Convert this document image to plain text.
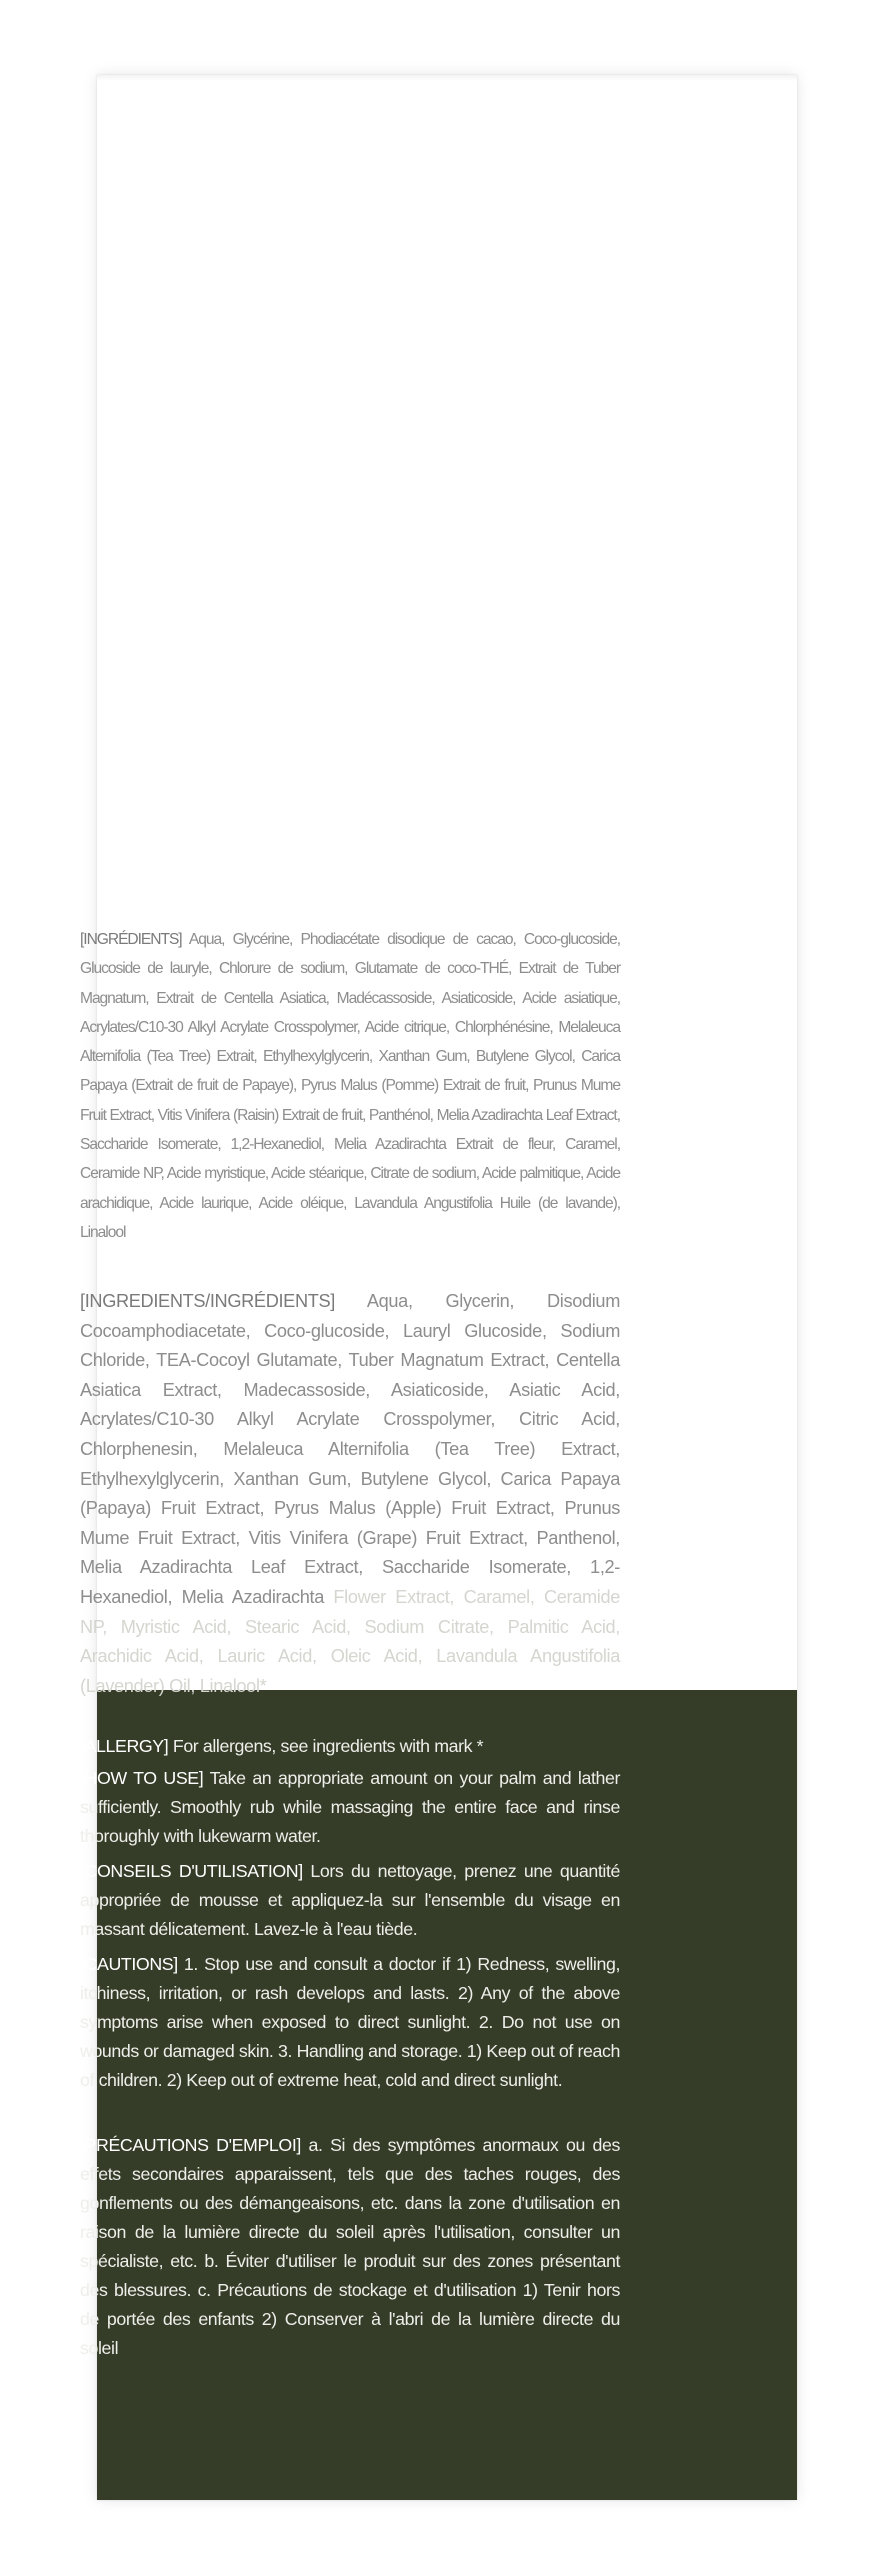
[INGRÉDIENTS] Aqua, Glycérine, Phodiacétate disodique de cacao, Coco-glucoside, Glucoside de lauryle, Chlorure de sodium, Glutamate de coco-THÉ, Extrait de Tuber Magnatum, Extrait de Centella Asiatica, Madécassoside, Asiaticoside, Acide asiatique, Acrylates/C10-30 Alkyl Acrylate Crosspolymer, Acide citrique, Chlorphénésine, Melaleuca Alternifolia (Tea Tree) Extrait, Ethylhexylglycerin, Xanthan Gum, Butylene Glycol, Carica Papaya (Extrait de fruit de Papaye), Pyrus Malus (Pomme) Extrait de fruit, Prunus Mume Fruit Extract, Vitis Vinifera (Raisin) Extrait de fruit, Panthénol, Melia Azadirachta Leaf Extract, Saccharide Isomerate, 1,2-Hexanediol, Melia Azadirachta Extrait de fleur, Caramel, Ceramide NP, Acide myristique, Acide stéarique, Citrate de sodium, Acide palmitique, Acide arachidique, Acide laurique, Acide oléique, Lavandula Angustifolia Huile (de lavande), Linalool

[INGREDIENTS/INGRÉDIENTS] Aqua, Glycerin, Disodium Cocoamphodiacetate, Coco-glucoside, Lauryl Glucoside, Sodium Chloride, TEA-Cocoyl Glutamate, Tuber Magnatum Extract, Centella Asiatica Extract, Madecassoside, Asiaticoside, Asiatic Acid, Acrylates/C10-30 Alkyl Acrylate Crosspolymer, Citric Acid, Chlorphenesin, Melaleuca Alternifolia (Tea Tree) Extract, Ethylhexylglycerin, Xanthan Gum, Butylene Glycol, Carica Papaya (Papaya) Fruit Extract, Pyrus Malus (Apple) Fruit Extract, Prunus Mume Fruit Extract, Vitis Vinifera (Grape) Fruit Extract, Panthenol, Melia Azadirachta Leaf Extract, Saccharide Isomerate, 1,2-Hexanediol, Melia Azadirachta Flower Extract, Caramel, Ceramide NP, Myristic Acid, Stearic Acid, Sodium Citrate, Palmitic Acid, Arachidic Acid, Lauric Acid, Oleic Acid, Lavandula Angustifolia (Lavender) Oil, Linalool*

[ALLERGY] For allergens, see ingredients with mark *

[HOW TO USE] Take an appropriate amount on your palm and lather sufficiently. Smoothly rub while massaging the entire face and rinse thoroughly with lukewarm water.

[CONSEILS D'UTILISATION] Lors du nettoyage, prenez une quantité appropriée de mousse et appliquez-la sur l'ensemble du visage en massant délicatement. Lavez-le à l'eau tiède.

[CAUTIONS] 1. Stop use and consult a doctor if 1) Redness, swelling, itchiness, irritation, or rash develops and lasts. 2) Any of the above symptoms arise when exposed to direct sunlight. 2. Do not use on wounds or damaged skin. 3. Handling and storage. 1) Keep out of reach of children. 2) Keep out of extreme heat, cold and direct sunlight.

[PRÉCAUTIONS D'EMPLOI] a. Si des symptômes anormaux ou des effets secondaires apparaissent, tels que des taches rouges, des gonflements ou des démangeaisons, etc. dans la zone d'utilisation en raison de la lumière directe du soleil après l'utilisation, consulter un spécialiste, etc. b. Éviter d'utiliser le produit sur des zones présentant des blessures. c. Précautions de stockage et d'utilisation 1) Tenir hors de portée des enfants 2) Conserver à l'abri de la lumière directe du soleil
